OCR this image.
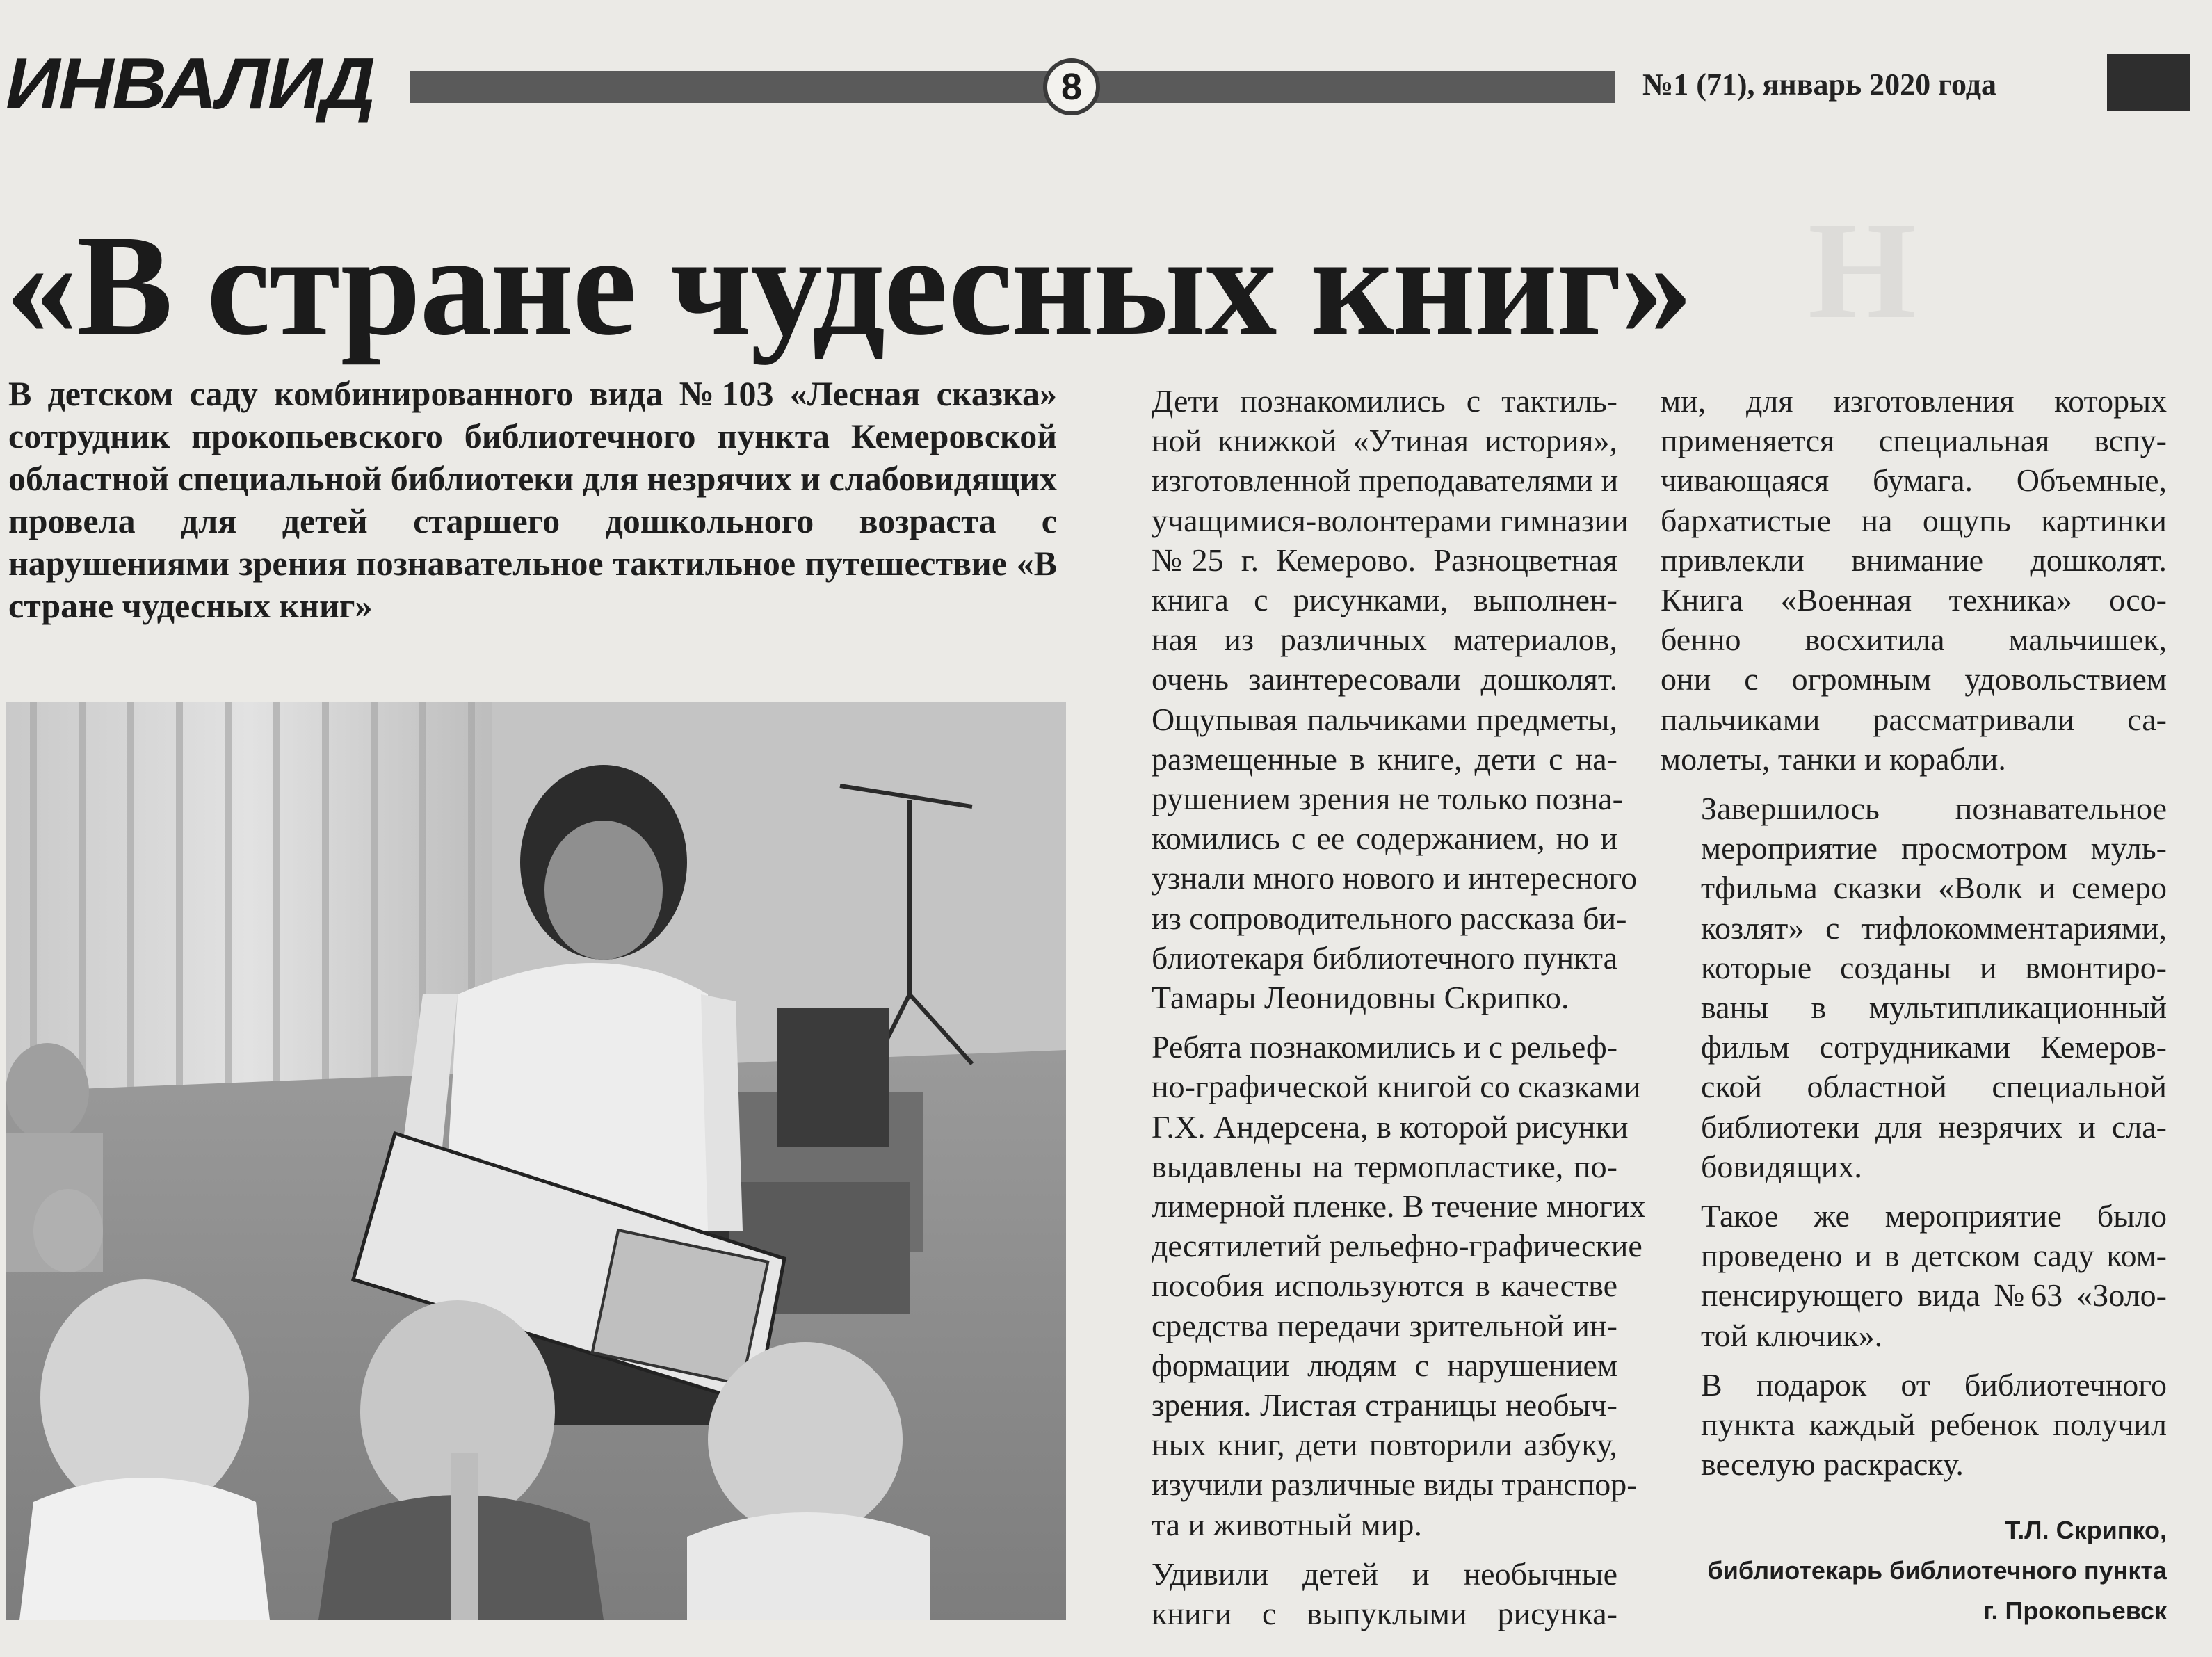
Н
ИНВАЛИД	8	№1 (71), январь 2020 года
«В стране чудесных книг»
В детском саду комбинированного вида №103 «Лесная сказка» сотрудник прокопьевского библиотечного пункта Кемеровской областной специальной библиотеки для незрячих и слабовидящих провела для детей старшего дошкольного возраста с нарушениями зрения познавательное тактильное путешествие «В стране чудесных книг»

Дети познакомились с тактиль-
ной книжкой «Утиная история»,
изготовленной преподавателями и
учащимися-волонтерами гимназии
№25 г. Кемерово. Разноцветная
книга с рисунками, выполнен-
ная из различных материалов,
очень заинтересовали дошколят.
Ощупывая пальчиками предметы,
размещенные в книге, дети с на-
рушением зрения не только позна-
комились с ее содержанием, но и
узнали много нового и интересного
из сопроводительного рассказа би-
блиотекаря библиотечного пункта
Тамары Леонидовны Скрипко.

Ребята познакомились и с рельеф-
но-графической книгой со сказками
Г.Х. Андерсена, в которой рисунки
выдавлены на термопластике, по-
лимерной пленке. В течение многих
десятилетий рельефно-графические
пособия используются в качестве
средства передачи зрительной ин-
формации людям с нарушением
зрения. Листая страницы необыч-
ных книг, дети повторили азбуку,
изучили различные виды транспор-
та и животный мир.

Удивили детей и необычные
книги с выпуклыми рисунка-

ми, для изготовления которых
применяется специальная вспу-
чивающаяся бумага. Объемные,
бархатистые на ощупь картинки
привлекли внимание дошколят.
Книга «Военная техника» осо-
бенно восхитила мальчишек,
они с огромным удовольствием
пальчиками рассматривали са-
молеты, танки и корабли.

Завершилось познавательное
мероприятие просмотром муль-
тфильма сказки «Волк и семеро
козлят» с тифлокомментариями,
которые созданы и вмонтиро-
ваны в мультипликационный
фильм сотрудниками Кемеров-
ской областной специальной
библиотеки для незрячих и сла-
бовидящих.

Такое же мероприятие было
проведено и в детском саду ком-
пенсирующего вида №63 «Золо-
той ключик».

В подарок от библиотечного
пункта каждый ребенок получил
веселую раскраску.

Т.Л. Скрипко,
библиотекарь библиотечного пункта
г. Прокопьевск
